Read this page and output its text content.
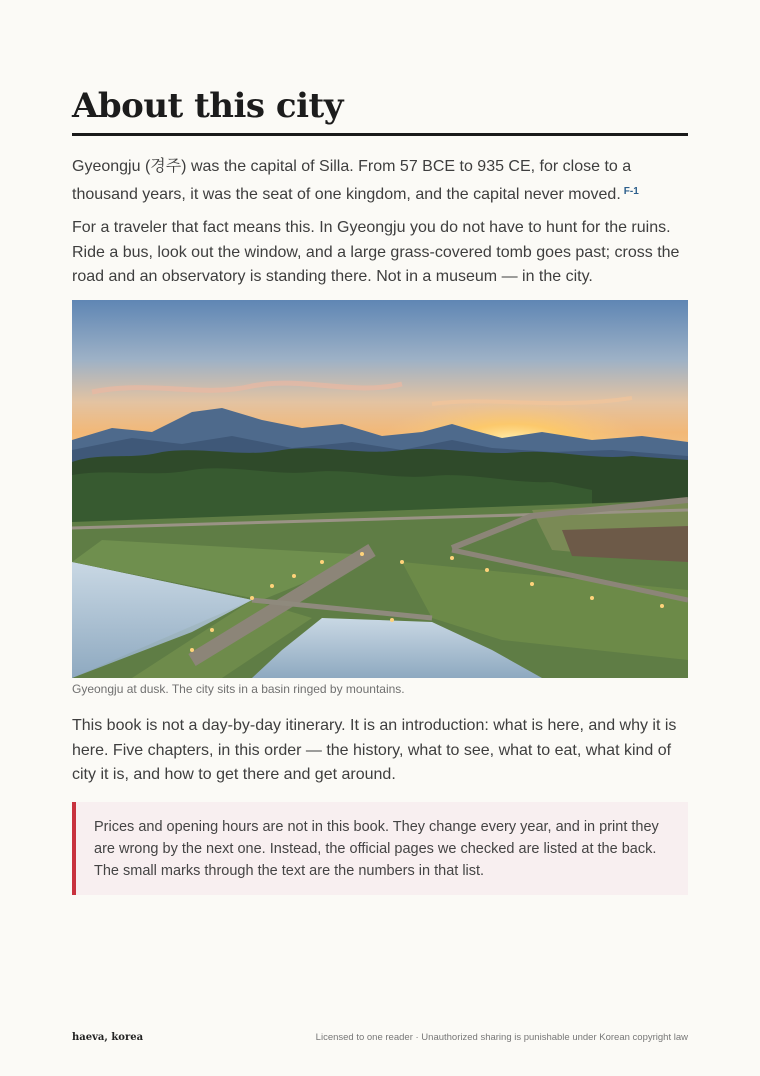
About this city

Gyeongju (경주) was the capital of Silla. From 57 BCE to 935 CE, for close to a thousand years, it was the seat of one kingdom, and the capital never moved. $^{F-1}$

For a traveler that fact means this. In Gyeongju you do not have to hunt for the ruins. Ride a bus, look out the window, and a large grass-covered tomb goes past; cross the road and an observatory is standing there. Not in a museum — in the city.

Gyeongju at dusk. The city sits in a basin ringed by mountains.

This book is not a day-by-day itinerary. It is an introduction: what is here, and why it is here. Five chapters, in this order — the history, what to see, what to eat, what kind of city it is, and how to get there and get around.

Prices and opening hours are not in this book. They change every year, and in print they are wrong by the next one. Instead, the official pages we checked are listed at the back. The small marks through the text are the numbers in that list.

haeva, korea	Licensed to one reader · Unauthorized sharing is punishable under Korean copyright law
